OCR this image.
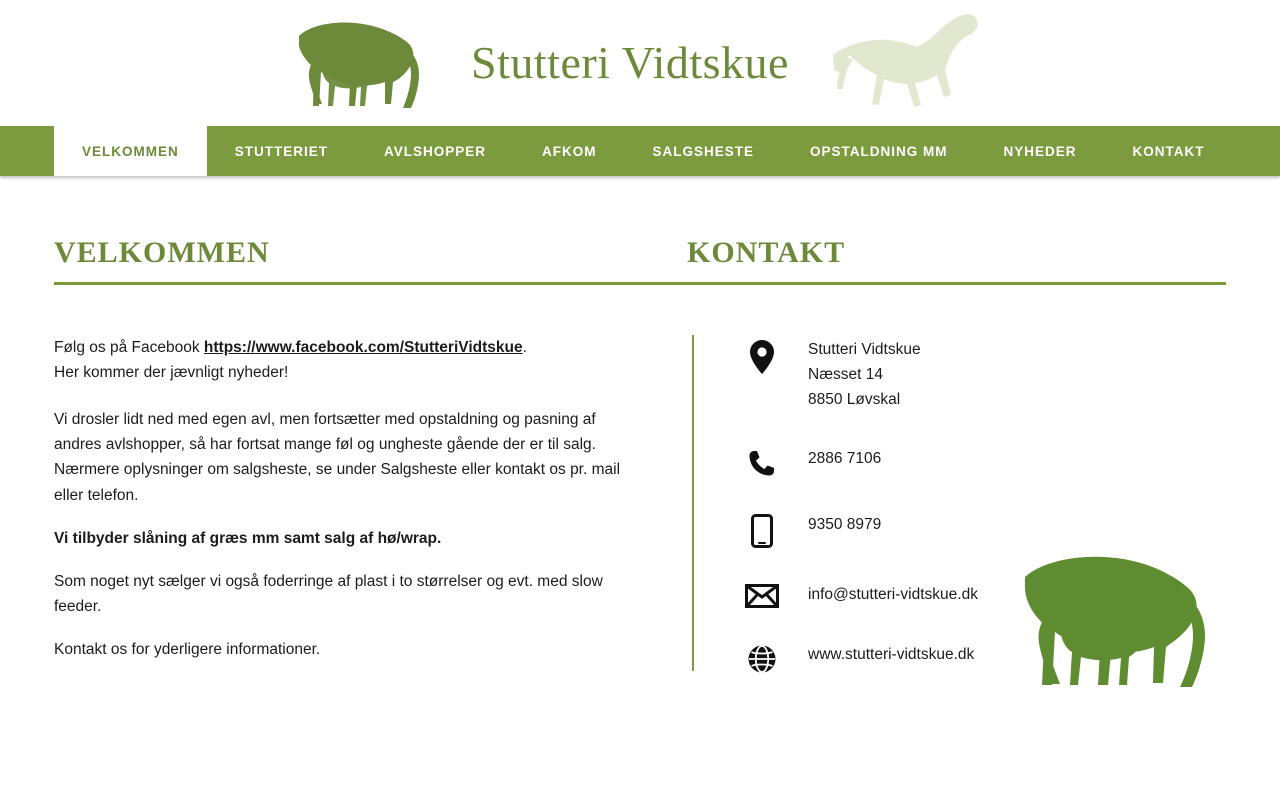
Stutteri Vidtskue
VELKOMMEN	STUTTERIET	AVLSHOPPER	AFKOM	SALGSHESTE	OPSTALDNING MM	NYHEDER	KONTAKT
VELKOMMEN	KONTAKT

Følg os på Facebook https://www.facebook.com/StutteriVidtskue.
Her kommer der jævnligt nyheder!

Vi drosler lidt ned med egen avl, men fortsætter med opstaldning og pasning af andres avlshopper, så har fortsat mange føl og ungheste gående der er til salg. Nærmere oplysninger om salgsheste, se under Salgsheste eller kontakt os pr. mail eller telefon.

Vi tilbyder slåning af græs mm samt salg af hø/wrap.

Som noget nyt sælger vi også foderringe af plast i to størrelser og evt. med slow feeder.

Kontakt os for yderligere informationer.

Stutteri Vidtskue
Næsset 14
8850 Løvskal
2886 7106
9350 8979
info@stutteri-vidtskue.dk
www.stutteri-vidtskue.dk
